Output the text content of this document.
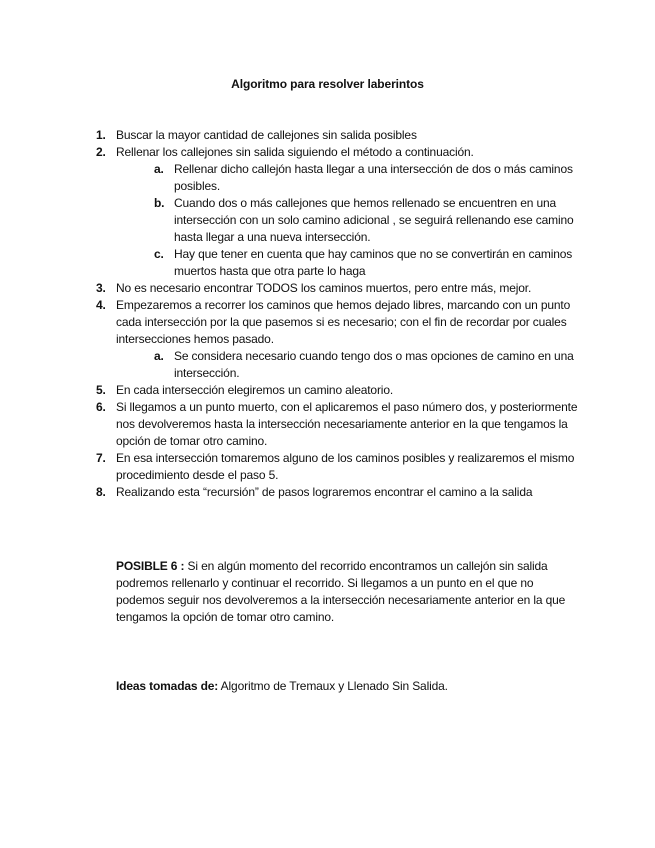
Algoritmo para resolver laberintos
1. Buscar la mayor cantidad de callejones sin salida posibles
2. Rellenar los callejones sin salida siguiendo el método a continuación.
a. Rellenar dicho callejón hasta llegar a una intersección de dos o más caminos posibles.
b. Cuando dos o más callejones que hemos rellenado se encuentren en una intersección con un solo camino adicional , se seguirá rellenando ese camino hasta llegar a una nueva intersección.
c. Hay que tener en cuenta que hay caminos que no se convertirán en caminos muertos hasta que otra parte lo haga
3. No es necesario encontrar TODOS los caminos muertos, pero entre más, mejor.
4. Empezaremos a recorrer los caminos que hemos dejado libres, marcando con un punto cada intersección por la que pasemos si es necesario; con el fin de recordar por cuales intersecciones hemos pasado.
a. Se considera necesario cuando tengo dos o mas opciones de camino en una intersección.
5. En cada intersección elegiremos un camino aleatorio.
6. Si llegamos a un punto muerto, con el aplicaremos el paso número dos, y posteriormente nos devolveremos hasta la intersección necesariamente anterior en la que tengamos la opción de tomar otro camino.
7. En esa intersección tomaremos alguno de los caminos posibles y realizaremos el mismo procedimiento desde el paso 5.
8. Realizando esta “recursión” de pasos lograremos encontrar el camino a la salida

POSIBLE 6 : Si en algún momento del recorrido encontramos un callejón sin salida podremos rellenarlo y continuar el recorrido. Si llegamos a un punto en el que no podemos seguir nos devolveremos a la intersección necesariamente anterior en la que tengamos la opción de tomar otro camino.

Ideas tomadas de: Algoritmo de Tremaux y Llenado Sin Salida.
